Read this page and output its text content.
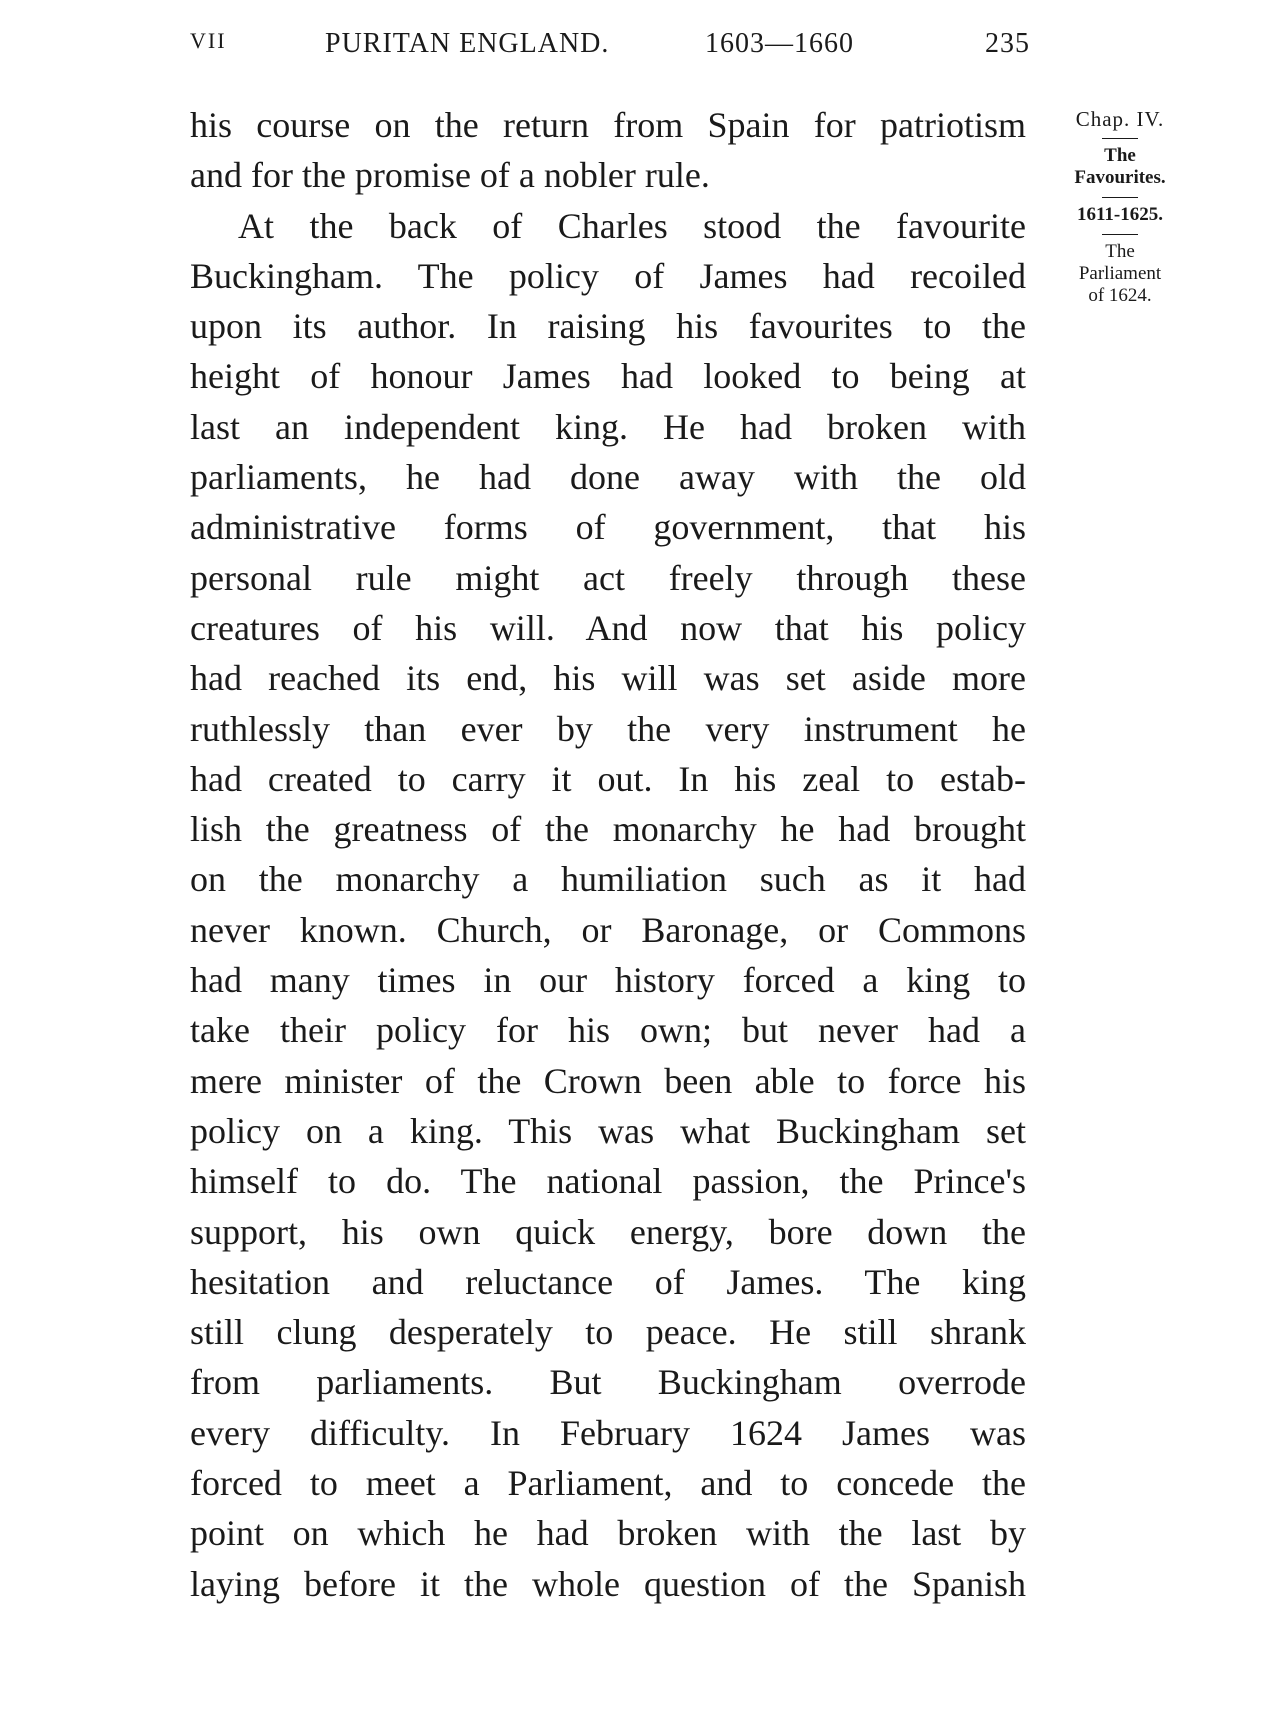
VII	PURITAN ENGLAND.	1603—1660	235
his course on the return from Spain for patriotism
and for the promise of a nobler rule.
At the back of Charles stood the favourite
Buckingham. The policy of James had recoiled
upon its author. In raising his favourites to the
height of honour James had looked to being at
last an independent king. He had broken with
parliaments, he had done away with the old
administrative forms of government, that his
personal rule might act freely through these
creatures of his will. And now that his policy
had reached its end, his will was set aside more
ruthlessly than ever by the very instrument he
had created to carry it out. In his zeal to estab-
lish the greatness of the monarchy he had brought
on the monarchy a humiliation such as it had
never known. Church, or Baronage, or Commons
had many times in our history forced a king to
take their policy for his own; but never had a
mere minister of the Crown been able to force his
policy on a king. This was what Buckingham set
himself to do. The national passion, the Prince's
support, his own quick energy, bore down the
hesitation and reluctance of James. The king
still clung desperately to peace. He still shrank
from parliaments. But Buckingham overrode
every difficulty. In February 1624 James was
forced to meet a Parliament, and to concede the
point on which he had broken with the last by
laying before it the whole question of the Spanish
Chap. IV.
The
Favourites.
1611-1625.
The
Parliament
of 1624.
